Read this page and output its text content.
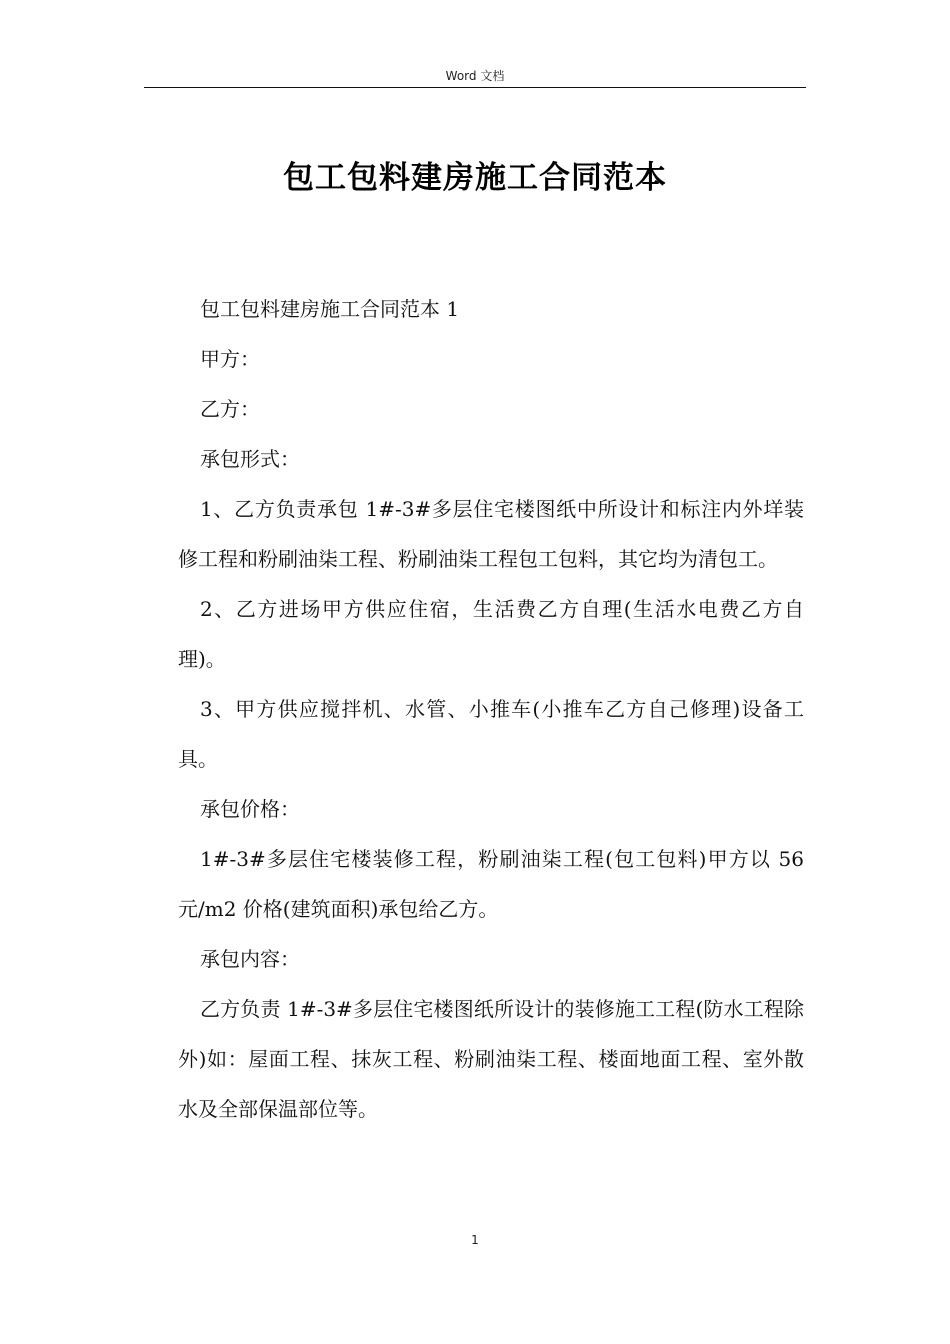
Word 文档
包工包料建房施工合同范本

包工包料建房施工合同范本 1

甲方：

乙方：

承包形式：

1、乙方负责承包 1#-3#多层住宅楼图纸中所设计和标注内外垟装修工程和粉刷油柒工程、粉刷油柒工程包工包料，其它均为清包工。

2、乙方进场甲方供应住宿，生活费乙方自理(生活水电费乙方自理)。

3、甲方供应搅拌机、水管、小推车(小推车乙方自己修理)设备工具。

承包价格：

1#-3#多层住宅楼装修工程，粉刷油柒工程(包工包料)甲方以 56 元/m2 价格(建筑面积)承包给乙方。

承包内容：

乙方负责 1#-3#多层住宅楼图纸所设计的装修施工工程(防水工程除外)如：屋面工程、抹灰工程、粉刷油柒工程、楼面地面工程、室外散水及全部保温部位等。

1
